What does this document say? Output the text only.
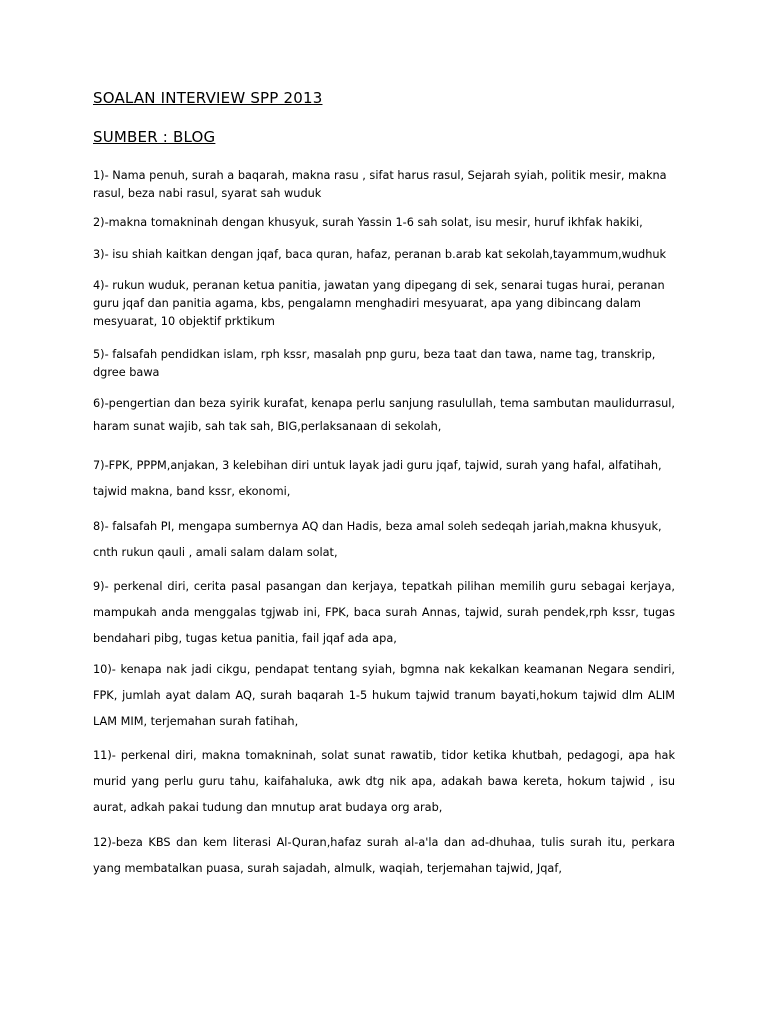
SOALAN INTERVIEW SPP 2013
SUMBER : BLOG
1)- Nama penuh, surah a baqarah, makna rasu , sifat harus rasul, Sejarah syiah, politik mesir, makna rasul, beza nabi rasul, syarat sah wuduk
2)-makna tomakninah dengan khusyuk, surah Yassin 1-6 sah solat, isu mesir, huruf ikhfak hakiki,
3)- isu shiah kaitkan dengan jqaf, baca quran, hafaz, peranan b.arab kat sekolah,tayammum,wudhuk
4)- rukun wuduk, peranan ketua panitia, jawatan yang dipegang di sek, senarai tugas hurai, peranan guru jqaf dan panitia agama, kbs, pengalamn menghadiri mesyuarat, apa yang dibincang dalam mesyuarat, 10 objektif prktikum
5)- falsafah pendidkan islam, rph kssr, masalah pnp guru, beza taat dan tawa, name tag, transkrip, dgree bawa
6)-pengertian dan beza syirik kurafat, kenapa perlu sanjung rasulullah, tema sambutan maulidurrasul, haram sunat wajib, sah tak sah, BIG,perlaksanaan di sekolah,
7)-FPK, PPPM,anjakan, 3 kelebihan diri untuk layak jadi guru jqaf, tajwid, surah yang hafal, alfatihah, tajwid makna, band kssr, ekonomi,
8)- falsafah PI, mengapa sumbernya AQ dan Hadis, beza amal soleh sedeqah jariah,makna khusyuk, cnth rukun qauli , amali salam dalam solat,
9)- perkenal diri, cerita pasal pasangan dan kerjaya, tepatkah pilihan memilih guru sebagai kerjaya, mampukah anda menggalas tgjwab ini, FPK, baca surah Annas, tajwid, surah pendek,rph kssr, tugas bendahari pibg, tugas ketua panitia, fail jqaf ada apa,
10)- kenapa nak jadi cikgu, pendapat tentang syiah, bgmna nak kekalkan keamanan Negara sendiri, FPK, jumlah ayat dalam AQ, surah baqarah 1-5 hukum tajwid tranum bayati,hokum tajwid dlm ALIM LAM MIM, terjemahan surah fatihah,
11)- perkenal diri, makna tomakninah, solat sunat rawatib, tidor ketika khutbah, pedagogi, apa hak murid yang perlu guru tahu, kaifahaluka, awk dtg nik apa, adakah bawa kereta, hokum tajwid , isu aurat, adkah pakai tudung dan mnutup arat budaya org arab,
12)-beza KBS dan kem literasi Al-Quran,hafaz surah al-a'la dan ad-dhuhaa, tulis surah itu, perkara yang membatalkan puasa, surah sajadah, almulk, waqiah, terjemahan tajwid, Jqaf,
